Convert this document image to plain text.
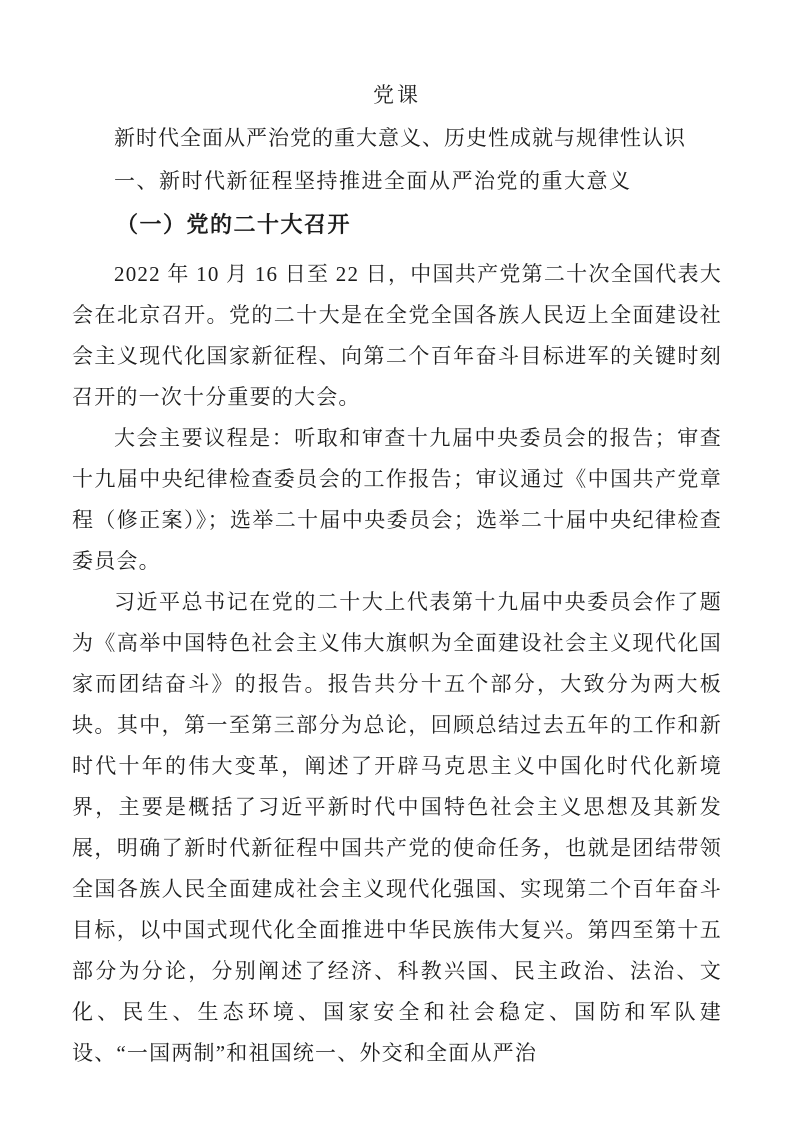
党课

新时代全面从严治党的重大意义、历史性成就与规律性认识

一、新时代新征程坚持推进全面从严治党的重大意义

（一）党的二十大召开

2022 年 10 月 16 日至 22 日，中国共产党第二十次全国代表大会在北京召开。党的二十大是在全党全国各族人民迈上全面建设社会主义现代化国家新征程、向第二个百年奋斗目标进军的关键时刻召开的一次十分重要的大会。

大会主要议程是：听取和审查十九届中央委员会的报告；审查十九届中央纪律检查委员会的工作报告；审议通过《中国共产党章程（修正案）》；选举二十届中央委员会；选举二十届中央纪律检查委员会。

习近平总书记在党的二十大上代表第十九届中央委员会作了题为《高举中国特色社会主义伟大旗帜为全面建设社会主义现代化国家而团结奋斗》的报告。报告共分十五个部分，大致分为两大板块。其中，第一至第三部分为总论，回顾总结过去五年的工作和新时代十年的伟大变革，阐述了开辟马克思主义中国化时代化新境界，主要是概括了习近平新时代中国特色社会主义思想及其新发展，明确了新时代新征程中国共产党的使命任务，也就是团结带领全国各族人民全面建成社会主义现代化强国、实现第二个百年奋斗目标，以中国式现代化全面推进中华民族伟大复兴。第四至第十五部分为分论，分别阐述了经济、科教兴国、民主政治、法治、文化、民生、生态环境、国家安全和社会稳定、国防和军队建设、“一国两制”和祖国统一、外交和全面从严治
